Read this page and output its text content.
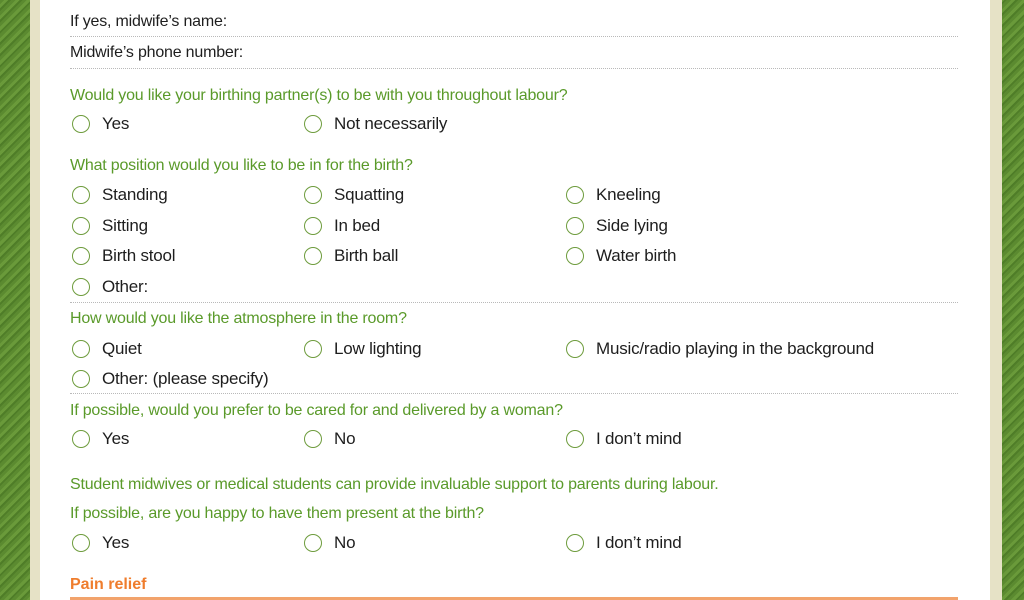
If yes, midwife’s name:
Midwife’s phone number:
Would you like your birthing partner(s) to be with you throughout labour?
Yes	Not necessarily
What position would you like to be in for the birth?
Standing	Squatting	Kneeling
Sitting	In bed	Side lying
Birth stool	Birth ball	Water birth
Other:
How would you like the atmosphere in the room?
Quiet	Low lighting	Music/radio playing in the background
Other: (please specify)
If possible, would you prefer to be cared for and delivered by a woman?
Yes	No	I don’t mind
Student midwives or medical students can provide invaluable support to parents during labour.
If possible, are you happy to have them present at the birth?
Yes	No	I don’t mind
Pain relief
